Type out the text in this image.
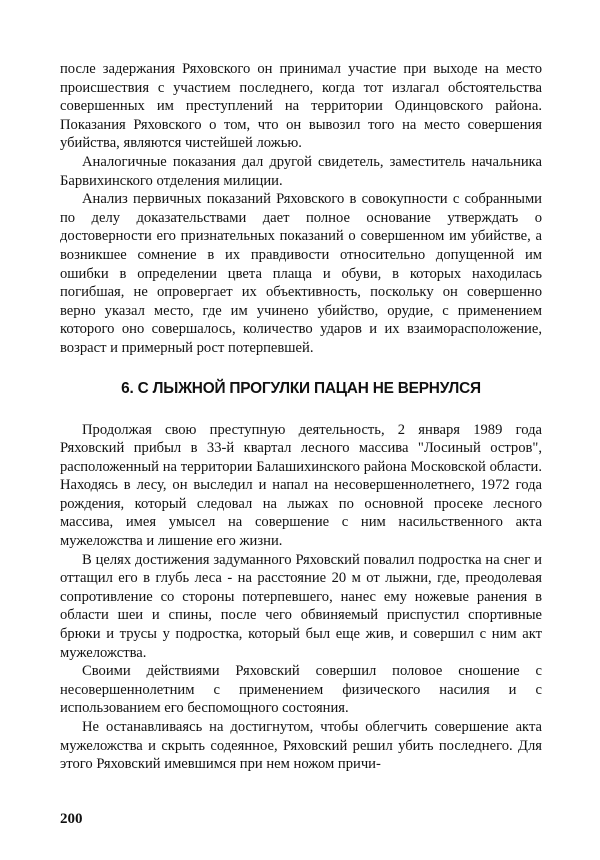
после задержания Ряховского он принимал участие при выходе на место происшествия с участием последнего, когда тот излагал обстоятельства совершенных им преступлений на территории Одинцовского района. Показания Ряховского о том, что он вывозил того на место совершения убийства, являются чистейшей ложью.

Аналогичные показания дал другой свидетель, заместитель начальника Барвихинского отделения милиции.

Анализ первичных показаний Ряховского в совокупности с собранными по делу доказательствами дает полное основание утверждать о достоверности его признательных показаний о совершенном им убийстве, а возникшее сомнение в их правдивости относительно допущенной им ошибки в определении цвета плаща и обуви, в которых находилась погибшая, не опровергает их объективность, поскольку он совершенно верно указал место, где им учинено убийство, орудие, с применением которого оно совершалось, количество ударов и их взаиморасположение, возраст и примерный рост потерпевшей.

6. С ЛЫЖНОЙ ПРОГУЛКИ ПАЦАН НЕ ВЕРНУЛСЯ

Продолжая свою преступную деятельность, 2 января 1989 года Ряховский прибыл в 33-й квартал лесного массива "Лосиный остров", расположенный на территории Балашихинского района Московской области. Находясь в лесу, он выследил и напал на несовершеннолетнего, 1972 года рождения, который следовал на лыжах по основной просеке лесного массива, имея умысел на совершение с ним насильственного акта мужеложства и лишение его жизни.

В целях достижения задуманного Ряховский повалил подростка на снег и оттащил его в глубь леса - на расстояние 20 м от лыжни, где, преодолевая сопротивление со стороны потерпевшего, нанес ему ножевые ранения в области шеи и спины, после чего обвиняемый приспустил спортивные брюки и трусы у подростка, который был еще жив, и совершил с ним акт мужеложства.

Своими действиями Ряховский совершил половое сношение с несовершеннолетним с применением физического насилия и с использованием его беспомощного состояния.

Не останавливаясь на достигнутом, чтобы облегчить совершение акта мужеложства и скрыть содеянное, Ряховский решил убить последнего. Для этого Ряховский имевшимся при нем ножом причи-

200
